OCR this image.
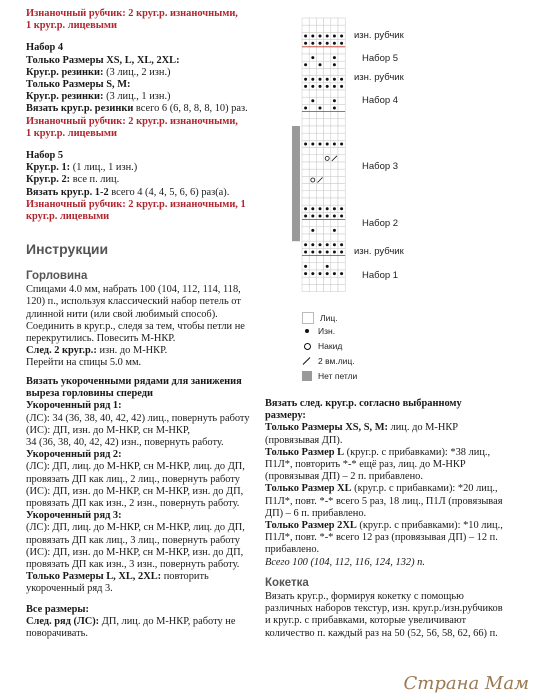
Изнаночный рубчик: 2 круг.р. изнаночными,

1 круг.р. лицевыми

Набор 4

Только Размеры XS, L, XL, 2XL:

Круг.р. резинки: (3 лиц., 2 изн.)

Только Размеры S, M:

Круг.р. резинки: (3 лиц., 1 изн.)

Вязать круг.р. резинки всего 6 (6, 8, 8, 8, 10) раз.

Изнаночный рубчик: 2 круг.р. изнаночными,

1 круг.р. лицевыми

Набор 5

Круг.р. 1: (1 лиц., 1 изн.)

Круг.р. 2: все п. лиц.

Вязать круг.р. 1-2 всего 4 (4, 4, 5, 6, 6) раз(а).

Изнаночный рубчик: 2 круг.р. изнаночными, 1

круг.р. лицевыми

Инструкции

Горловина

Спицами 4.0 мм, набрать 100 (104, 112, 114, 118, 120) п., используя классический набор петель от длинной нити (или свой любимый способ).

Соединить в круг.р., следя за тем, чтобы петли не перекрутились. Повесить М-НКР.

След. 2 круг.р.: изн. до М-НКР.

Перейти на спицы 5.0 мм.

Вязать укороченными рядами для занижения выреза горловины спереди

Укороченный ряд 1:

(ЛС): 34 (36, 38, 40, 42, 42) лиц., повернуть работу

(ИС): ДП, изн. до М-НКР, сн М-НКР,

34 (36, 38, 40, 42, 42) изн., повернуть работу.

Укороченный ряд 2:

(ЛС): ДП, лиц. до М-НКР, сн М-НКР, лиц. до ДП,

провязать ДП как лиц., 2 лиц., повернуть работу

(ИС): ДП, изн. до М-НКР, сн М-НКР, изн. до ДП,

провязать ДП как изн., 2 изн., повернуть работу.

Укороченный ряд 3:

(ЛС): ДП, лиц. до М-НКР, сн М-НКР, лиц. до ДП,

провязать ДП как лиц., 3 лиц., повернуть работу

(ИС): ДП, изн. до М-НКР, сн М-НКР, изн. до ДП,

провязать ДП как изн., 3 изн., повернуть работу.

Только Размеры L, XL, 2XL: повторить

укороченный ряд 3.

Все размеры:

След. ряд (ЛС): ДП, лиц. до М-НКР, работу не поворачивать.

изн. рубчик
Набор 5
изн. рубчик
Набор 4
Набор 3
Набор 2
изн. рубчик
Набор 1
Лиц.
Изн.
Накид
2 вм.лиц.
Нет петли

Вязать след. круг.р. согласно выбранному размеру:

Только Размеры XS, S, M: лиц. до М-НКР (провязывая ДП).

Только Размер L (круг.р. с прибавками): *38 лиц., П1Л*, повторить *-* ещё раз, лиц. до М-НКР (провязывая ДП) – 2 п. прибавлено.

Только Размер XL (круг.р. с прибавками): *20 лиц., П1Л*, повт. *-* всего 5 раз, 18 лиц., П1Л (провязывая ДП) – 6 п. прибавлено.

Только Размер 2XL (круг.р. с прибавками): *10 лиц., П1Л*, повт. *-* всего 12 раз (провязывая ДП) – 12 п. прибавлено.

Всего 100 (104, 112, 116, 124, 132) п.

Кокетка

Вязать круг.р., формируя кокетку с помощью различных наборов текстур, изн. круг.р./изн.рубчиков и круг.р. с прибавками, которые увеличивают количество п. каждый раз на 50 (52, 56, 58, 62, 66) п.

Страна Мам
